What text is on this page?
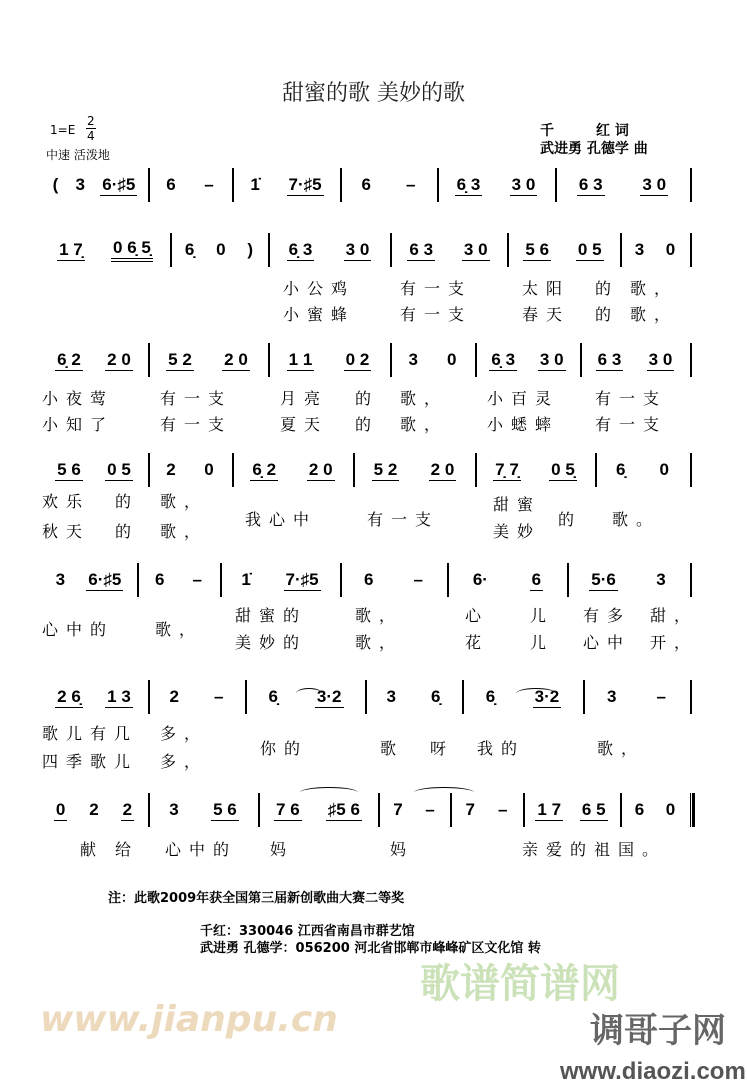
甜蜜的歌 美妙的歌
1=E
2
4
中速 活泼地
千　　　红 词
武进勇 孔德学 曲
( 3 6·♯5 6 – 1̇ 7·♯5 6 – 6̣ 3 3 0	6 3 3 0
1 7̣ 0 6̣ 5̣ 6̣ 0 ) 6̣ 3 3 0 6 3 3 0 5 6 0 5 3 0
6̣ 2 2 0 5 2 2 0 1 1 0 2 3 0 6̣ 3 3 0 6 3 3 0
5 6 0 5 2 0 6̣ 2 2 0 5 2 2 0 7̣ 7̣ 0 5̣ 6̣ 0
3 6·♯5 6 – 1̇ 7·♯5	6 –	6·	6	5·6 3
2 6̣ 1 3 2 –	6̣ 3·2	3 6̣	6̣ 3·2	3 –
0 2 2 3 5 6 7 6 ♯5 6 7 – 7 – 1 7 6 5 6 0
小公鸡	有一支	太阳 的 歌，
小蜜蜂	有一支	春天 的 歌，
小夜莺	有一支	月亮 的 歌， 小百灵 有一支
小知了	有一支	夏天 的 歌， 小蟋蟀 有一支
欢乐 的 歌，
秋天 的 歌，
我心中	有一支
甜蜜
美妙
的 歌。
心中的	歌，
甜蜜的	歌，	心	儿 有多 甜，
美妙的	歌，	花	儿 心中 开，
歌儿有几 多，
四季歌儿 多，
你的	歌 呀 我的	歌，
献 给 心中的 妈	妈	亲爱的祖国。
歌谱简谱网
www.jianpu.cn	调哥子网
www.diaozi.com
注：此歌2009年获全国第三届新创歌曲大赛二等奖
千红：330046 江西省南昌市群艺馆
武进勇 孔德学：056200 河北省邯郸市峰峰矿区文化馆 转
